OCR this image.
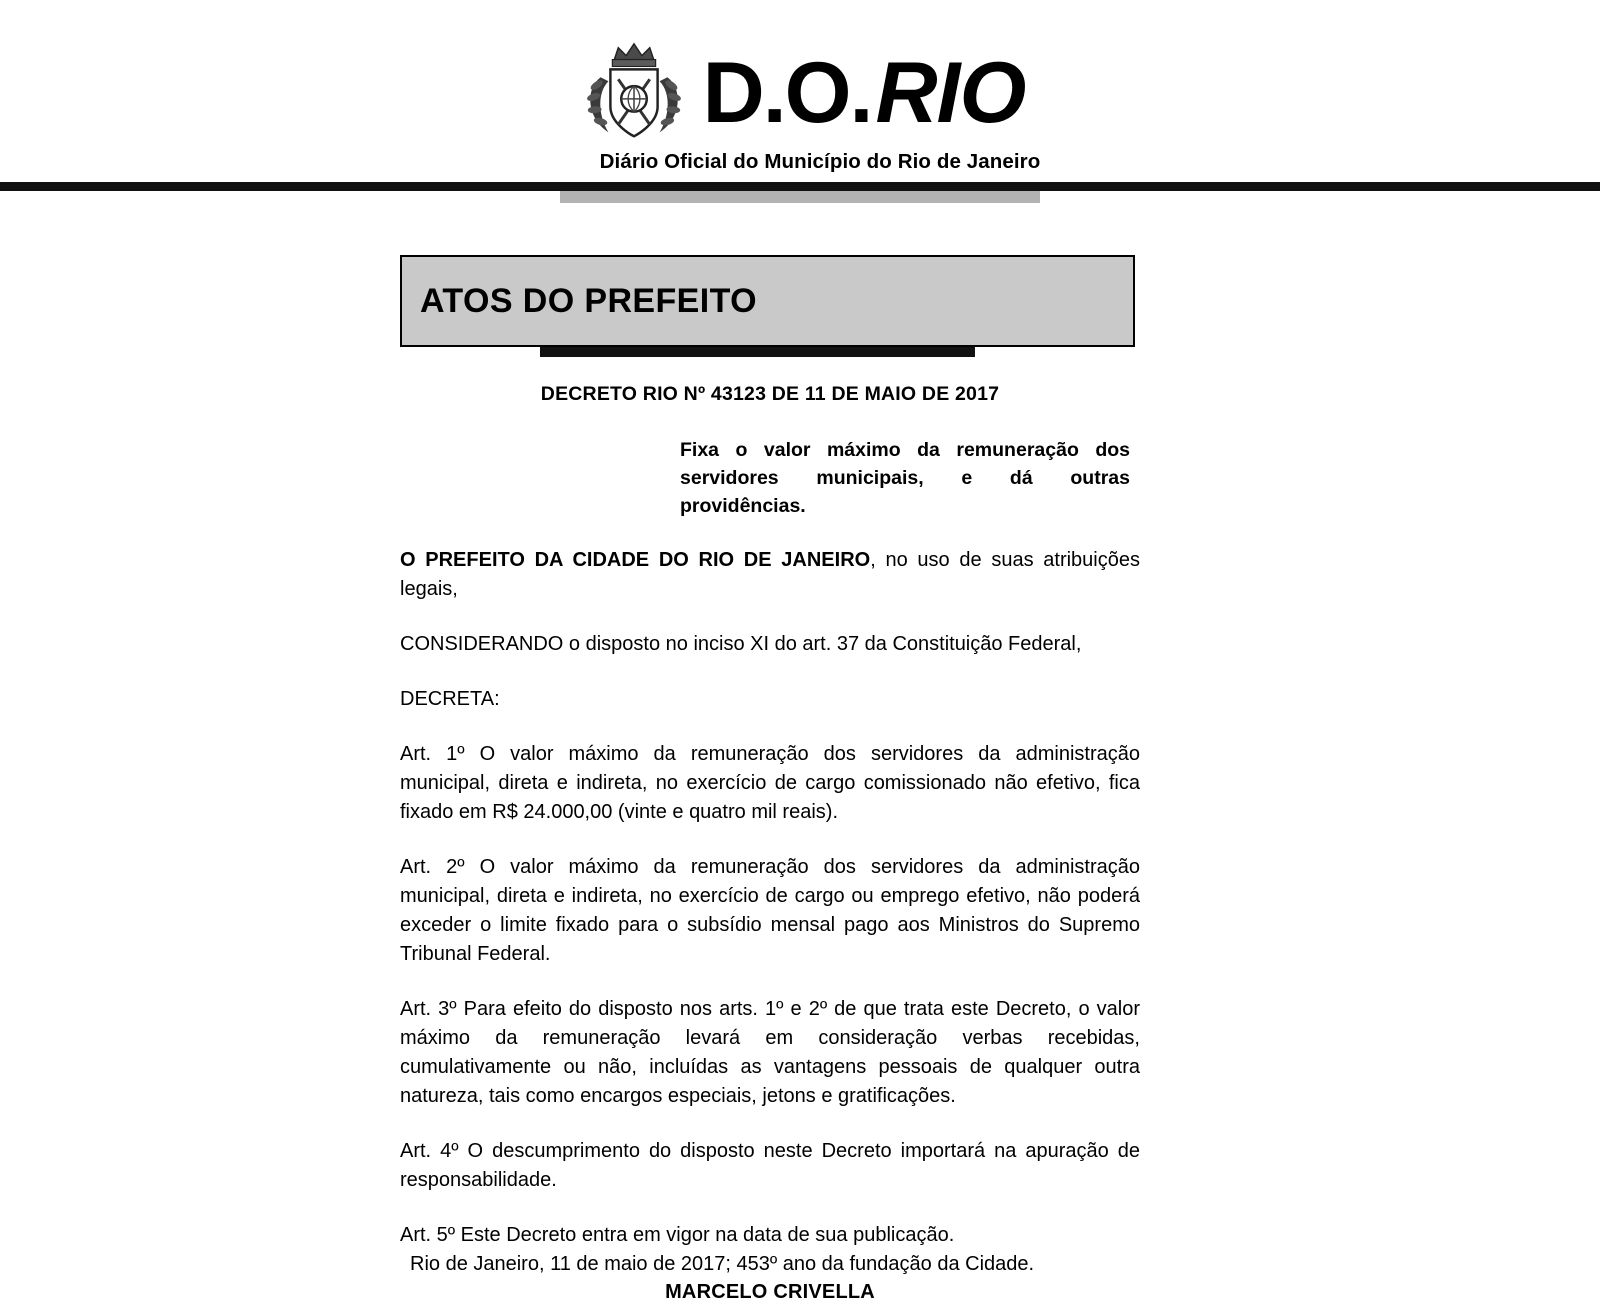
D.O. RIO
Diário Oficial do Município do Rio de Janeiro
ATOS DO PREFEITO
DECRETO RIO Nº 43123 DE 11 DE MAIO DE 2017
Fixa o valor máximo da remuneração dos servidores municipais, e dá outras providências.

O PREFEITO DA CIDADE DO RIO DE JANEIRO, no uso de suas atribuições legais,

CONSIDERANDO o disposto no inciso XI do art. 37 da Constituição Federal,

DECRETA:

Art. 1º O valor máximo da remuneração dos servidores da administração municipal, direta e indireta, no exercício de cargo comissionado não efetivo, fica fixado em R$ 24.000,00 (vinte e quatro mil reais).

Art. 2º O valor máximo da remuneração dos servidores da administração municipal, direta e indireta, no exercício de cargo ou emprego efetivo, não poderá exceder o limite fixado para o subsídio mensal pago aos Ministros do Supremo Tribunal Federal.

Art. 3º Para efeito do disposto nos arts. 1º e 2º de que trata este Decreto, o valor máximo da remuneração levará em consideração verbas recebidas, cumulativamente ou não, incluídas as vantagens pessoais de qualquer outra natureza, tais como encargos especiais, jetons e gratificações.

Art. 4º O descumprimento do disposto neste Decreto importará na apuração de responsabilidade.

Art. 5º Este Decreto entra em vigor na data de sua publicação.

Rio de Janeiro, 11 de maio de 2017; 453º ano da fundação da Cidade.

MARCELO CRIVELLA
